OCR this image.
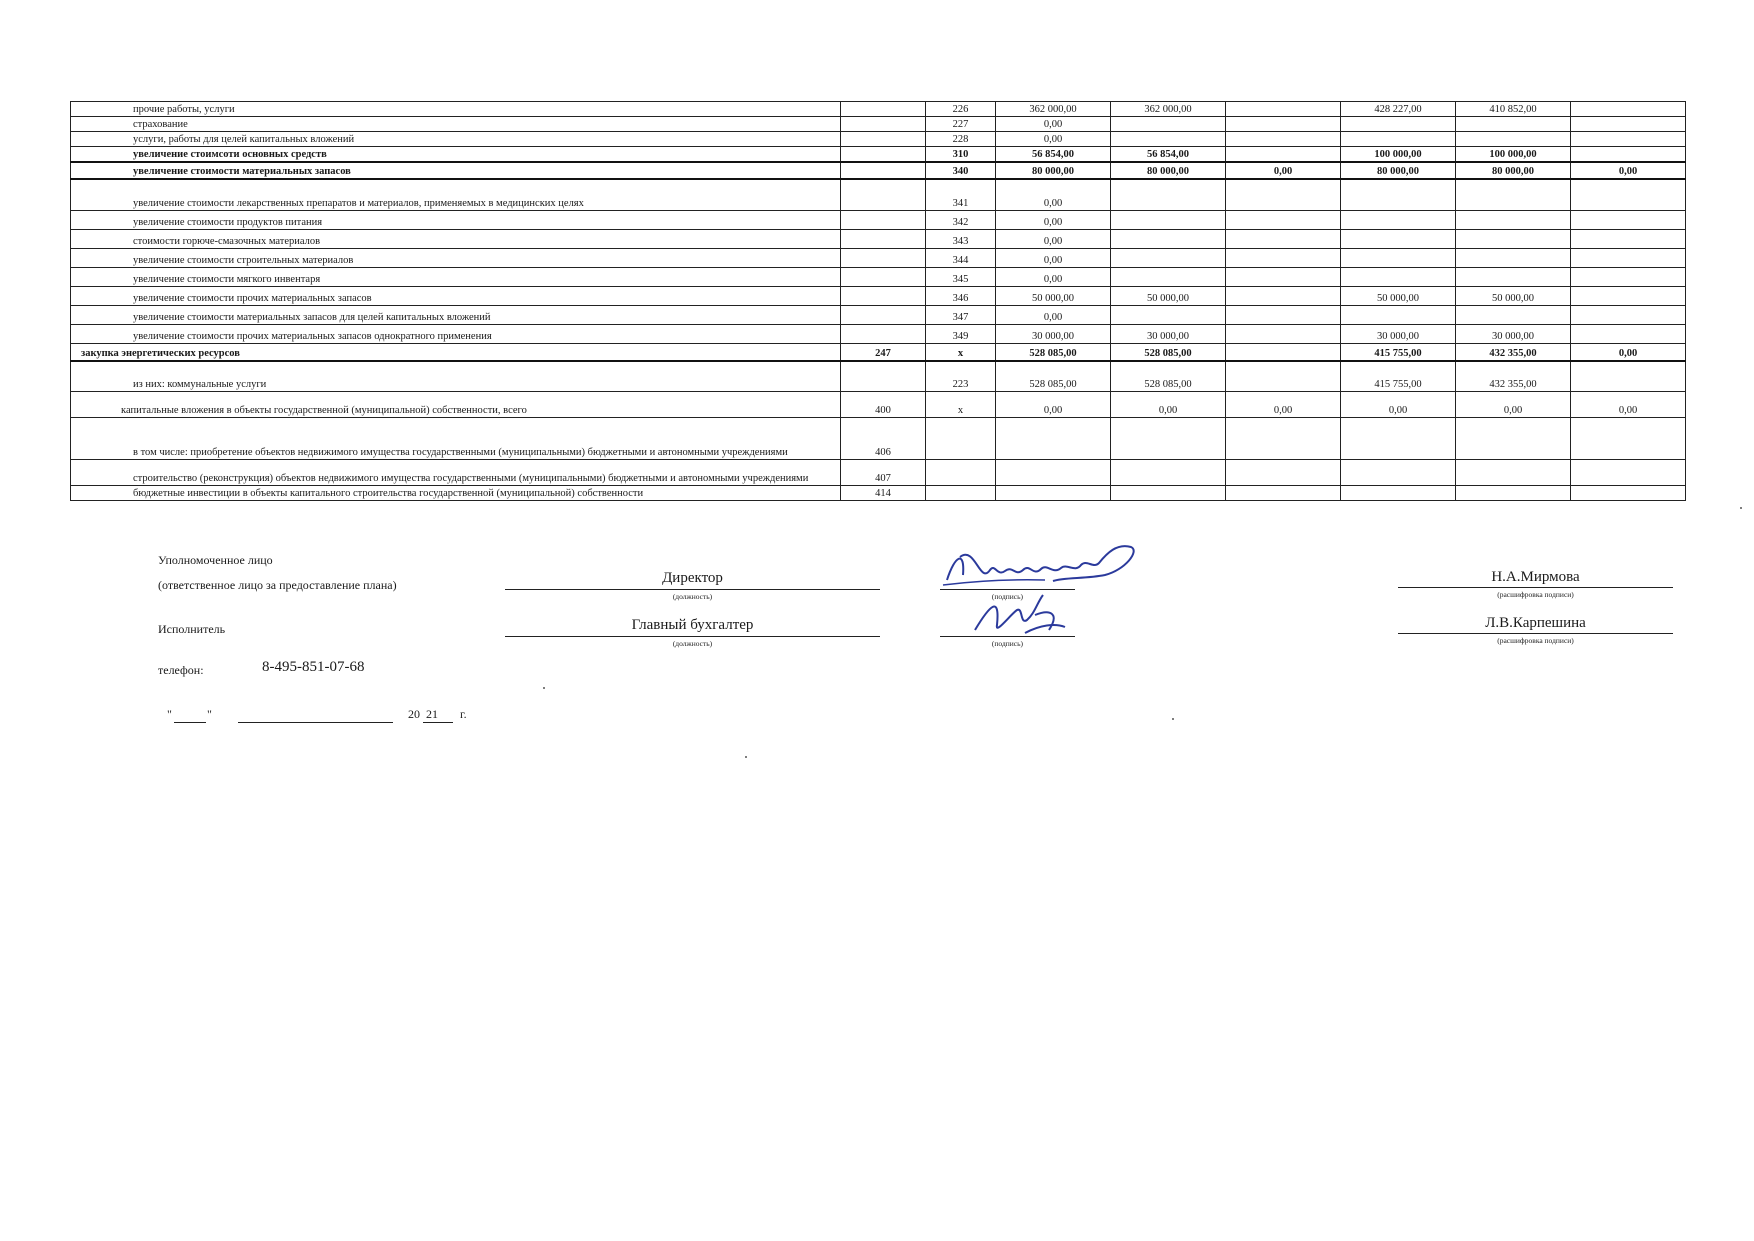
прочие работы, услуги		226	362 000,00	362 000,00		428 227,00	410 852,00	
страхование		227	0,00					
услуги, работы для целей капитальных вложений		228	0,00					
увеличение стоимсоти основных средств		310	56 854,00	56 854,00		100 000,00	100 000,00	
увеличение стоимости материальных запасов		340	80 000,00	80 000,00	0,00	80 000,00	80 000,00	0,00
увеличение стоимости лекарственных препаратов и материалов, применяемых в медицинских целях		341	0,00					
увеличение стоимости продуктов питания		342	0,00					
стоимости горюче-смазочных материалов		343	0,00					
увеличение стоимости строительных материалов		344	0,00					
увеличение стоимости мягкого инвентаря		345	0,00					
увеличение стоимости прочих материальных запасов		346	50 000,00	50 000,00		50 000,00	50 000,00	
увеличение стоимости материальных запасов для целей капитальных вложений		347	0,00					
увеличение стоимости прочих материальных запасов однократного применения		349	30 000,00	30 000,00		30 000,00	30 000,00	
закупка энергетических ресурсов	247	x	528 085,00	528 085,00		415 755,00	432 355,00	0,00
из них: коммунальные услуги		223	528 085,00	528 085,00		415 755,00	432 355,00	
капитальные вложения в объекты государственной (муниципальной) собственности, всего	400	x	0,00	0,00	0,00	0,00	0,00	0,00
в том числе: приобретение объектов недвижимого имущества государственными (муниципальными) бюджетными и автономными учреждениями	406							
строительство (реконструкция) объектов недвижимого имущества государственными (муниципальными) бюджетными и автономными учреждениями	407							
бюджетные инвестиции в объекты капитального строительства государственной (муниципальной) собственности	414							
Уполномоченное лицо
(ответственное лицо за предоставление плана)	Директор
(должность)	(подпись)
Н.А.Мирмова
(расшифровка подписи)
Исполнитель	Главный бухгалтер
(должность)	(подпись)
Л.В.Карпешина
(расшифровка подписи)
телефон:	8-495-851-07-68
"	"	20 21 г.
